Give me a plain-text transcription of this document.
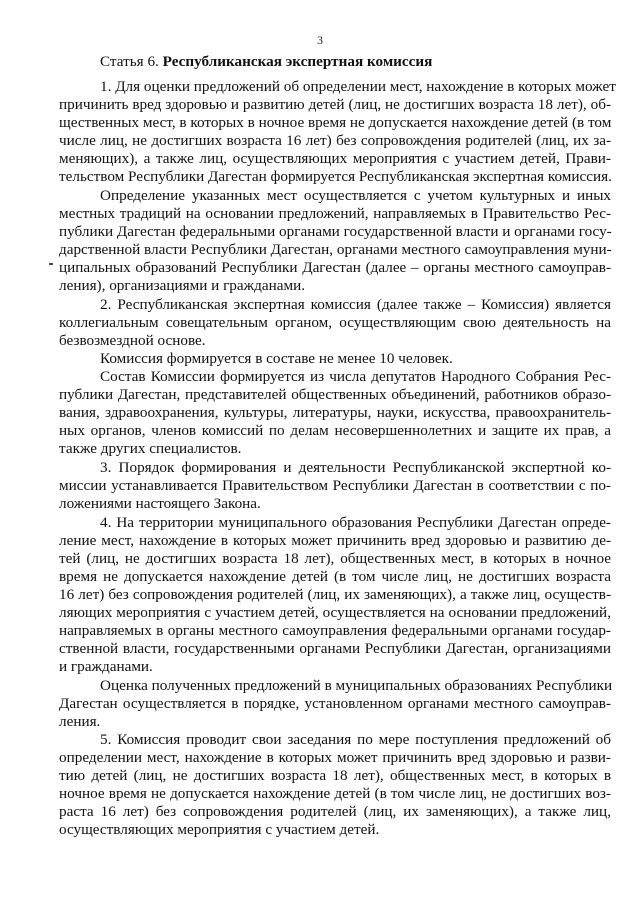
3
Статья 6. Республиканская экспертная комиссия
1. Для оценки предложений об определении мест, нахождение в которых может
причинить вред здоровью и развитию детей (лиц, не достигших возраста 18 лет), об-
щественных мест, в которых в ночное время не допускается нахождение детей (в том
числе лиц, не достигших возраста 16 лет) без сопровождения родителей (лиц, их за-
меняющих), а также лиц, осуществляющих мероприятия с участием детей, Прави-
тельством Республики Дагестан формируется Республиканская экспертная комиссия.
Определение указанных мест осуществляется с учетом культурных и иных
местных традиций на основании предложений, направляемых в Правительство Рес-
публики Дагестан федеральными органами государственной власти и органами госу-
дарственной власти Республики Дагестан, органами местного самоуправления муни-
ципальных образований Республики Дагестан (далее – органы местного самоуправ-
ления), организациями и гражданами.
2. Республиканская экспертная комиссия (далее также – Комиссия) является
коллегиальным совещательным органом, осуществляющим свою деятельность на
безвозмездной основе.
Комиссия формируется в составе не менее 10 человек.
Состав Комиссии формируется из числа депутатов Народного Собрания Рес-
публики Дагестан, представителей общественных объединений, работников образо-
вания, здравоохранения, культуры, литературы, науки, искусства, правоохранитель-
ных органов, членов комиссий по делам несовершеннолетних и защите их прав, а
также других специалистов.
3. Порядок формирования и деятельности Республиканской экспертной ко-
миссии устанавливается Правительством Республики Дагестан в соответствии с по-
ложениями настоящего Закона.
4. На территории муниципального образования Республики Дагестан опреде-
ление мест, нахождение в которых может причинить вред здоровью и развитию де-
тей (лиц, не достигших возраста 18 лет), общественных мест, в которых в ночное
время не допускается нахождение детей (в том числе лиц, не достигших возраста
16 лет) без сопровождения родителей (лиц, их заменяющих), а также лиц, осуществ-
ляющих мероприятия с участием детей, осуществляется на основании предложений,
направляемых в органы местного самоуправления федеральными органами государ-
ственной власти, государственными органами Республики Дагестан, организациями
и гражданами.
Оценка полученных предложений в муниципальных образованиях Республики
Дагестан осуществляется в порядке, установленном органами местного самоуправ-
ления.
5. Комиссия проводит свои заседания по мере поступления предложений об
определении мест, нахождение в которых может причинить вред здоровью и разви-
тию детей (лиц, не достигших возраста 18 лет), общественных мест, в которых в
ночное время не допускается нахождение детей (в том числе лиц, не достигших воз-
раста 16 лет) без сопровождения родителей (лиц, их заменяющих), а также лиц,
осуществляющих мероприятия с участием детей.
